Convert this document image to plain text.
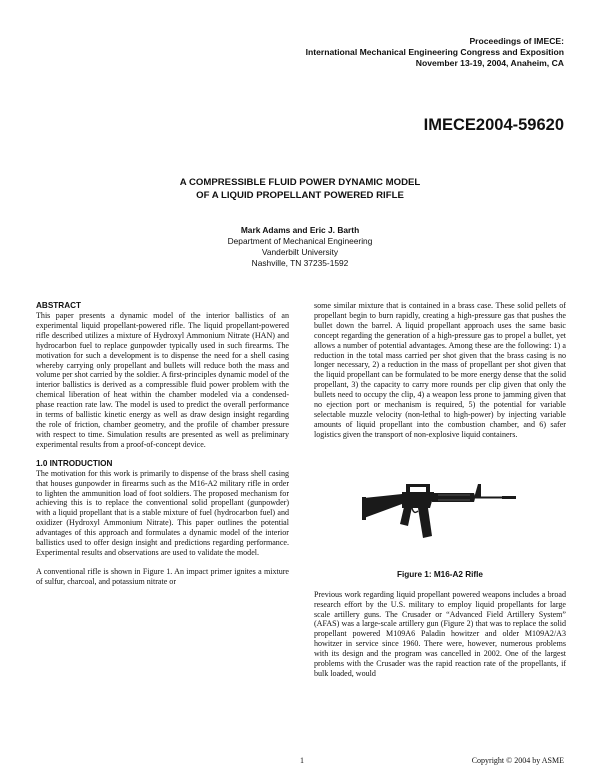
Proceedings of IMECE:
International Mechanical Engineering Congress and Exposition
November 13-19, 2004, Anaheim, CA
IMECE2004-59620
A COMPRESSIBLE FLUID POWER DYNAMIC MODEL
OF A LIQUID PROPELLANT POWERED RIFLE
Mark Adams and Eric J. Barth
Department of Mechanical Engineering
Vanderbilt University
Nashville, TN 37235-1592
ABSTRACT

This paper presents a dynamic model of the interior ballistics of an experimental liquid propellant-powered rifle. The liquid propellant-powered rifle described utilizes a mixture of Hydroxyl Ammonium Nitrate (HAN) and hydrocarbon fuel to replace gunpowder typically used in such firearms. The motivation for such a development is to dispense the need for a shell casing whereby carrying only propellant and bullets will reduce both the mass and volume per shot carried by the soldier. A first-principles dynamic model of the interior ballistics is derived as a compressible fluid power problem with the chemical liberation of heat within the chamber modeled via a condensed-phase reaction rate law. The model is used to predict the overall performance in terms of ballistic kinetic energy as well as draw design insight regarding the role of friction, chamber geometry, and the profile of chamber pressure with respect to time. Simulation results are presented as well as preliminary experimental results from a proof-of-concept device.

1.0 INTRODUCTION

The motivation for this work is primarily to dispense of the brass shell casing that houses gunpowder in firearms such as the M16-A2 military rifle in order to lighten the ammunition load of foot soldiers. The proposed mechanism for achieving this is to replace the conventional solid propellant (gunpowder) with a liquid propellant that is a stable mixture of fuel (hydrocarbon fuel) and oxidizer (Hydroxyl Ammonium Nitrate). This paper outlines the potential advantages of this approach and formulates a dynamic model of the interior ballistics used to offer design insight and predictions regarding performance. Experimental results and observations are used to validate the model.

A conventional rifle is shown in Figure 1. An impact primer ignites a mixture of sulfur, charcoal, and potassium nitrate or

some similar mixture that is contained in a brass case. These solid pellets of propellant begin to burn rapidly, creating a high-pressure gas that pushes the bullet down the barrel. A liquid propellant approach uses the same basic concept regarding the generation of a high-pressure gas to propel a bullet, yet allows a number of potential advantages. Among these are the following: 1) a reduction in the total mass carried per shot given that the brass casing is no longer necessary, 2) a reduction in the mass of propellant per shot given that the liquid propellant can be formulated to be more energy dense that the solid propellant, 3) the capacity to carry more rounds per clip given that only the bullets need to occupy the clip, 4) a weapon less prone to jamming given that no ejection port or mechanism is required, 5) the potential for variable selectable muzzle velocity (non-lethal to high-power) by injecting variable amounts of liquid propellant into the combustion chamber, and 6) safer logistics given the transport of non-explosive liquid containers.

Figure 1: M16-A2 Rifle

Previous work regarding liquid propellant powered weapons includes a broad research effort by the U.S. military to employ liquid propellants for large scale artillery guns. The Crusader or “Advanced Field Artillery System” (AFAS) was a large-scale artillery gun (Figure 2) that was to replace the solid propellant powered M109A6 Paladin howitzer and older M109A2/A3 howitzer in service since 1960. There were, however, numerous problems with its design and the program was cancelled in 2002. One of the largest problems with the Crusader was the rapid reaction rate of the propellants, if bulk loaded, would

1	Copyright © 2004 by ASME
